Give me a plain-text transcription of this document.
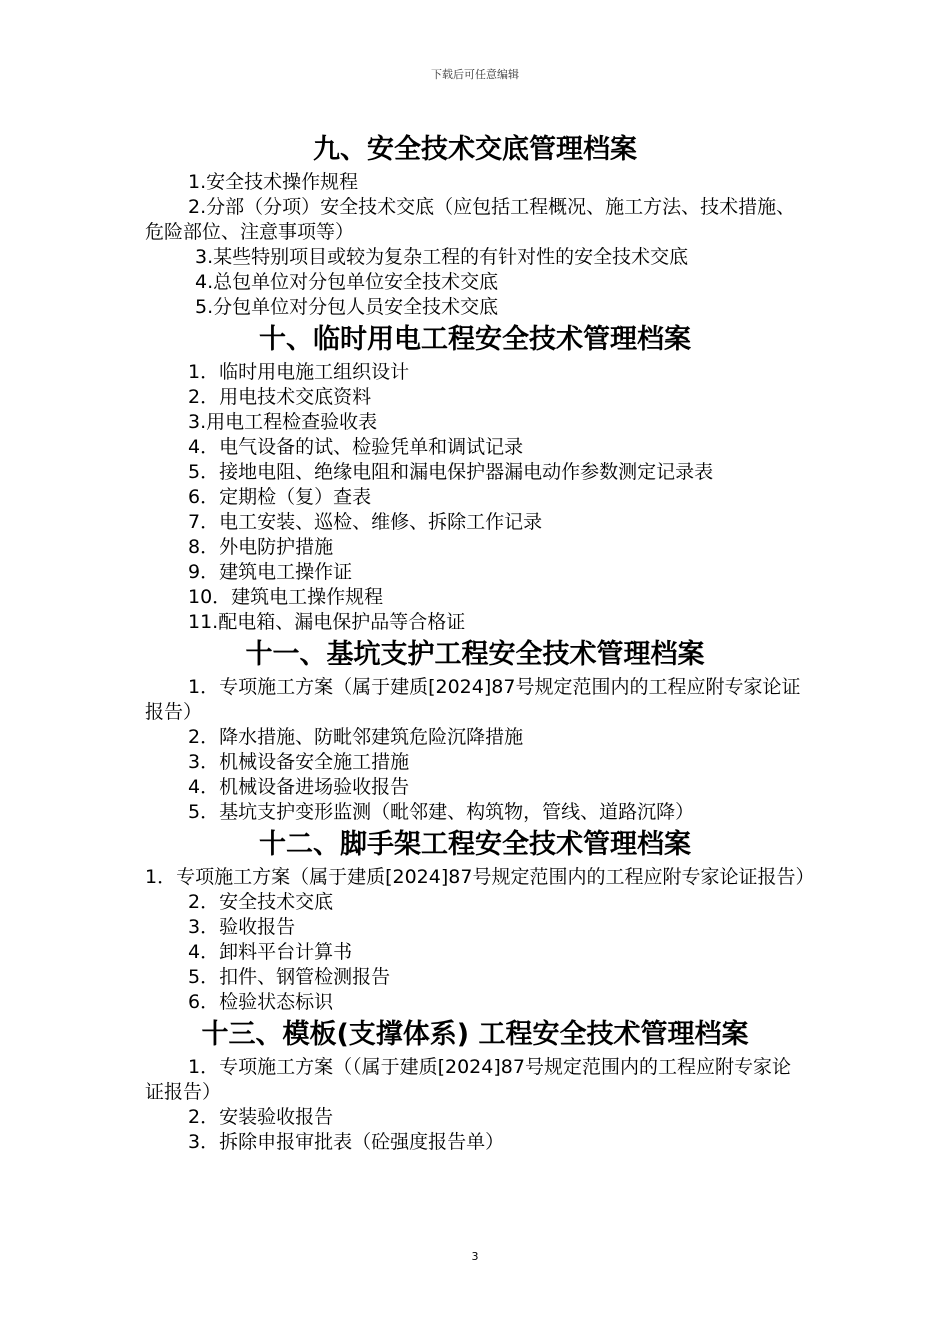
下载后可任意编辑
九、安全技术交底管理档案

1.安全技术操作规程

2.分部（分项）安全技术交底（应包括工程概况、施工方法、技术措施、危险部位、注意事项等）

3.某些特别项目或较为复杂工程的有针对性的安全技术交底

4.总包单位对分包单位安全技术交底

5.分包单位对分包人员安全技术交底

十、临时用电工程安全技术管理档案

1．临时用电施工组织设计

2．用电技术交底资料

3.用电工程检查验收表

4．电气设备的试、检验凭单和调试记录

5．接地电阻、绝缘电阻和漏电保护器漏电动作参数测定记录表

6．定期检（复）查表

7．电工安装、巡检、维修、拆除工作记录

8．外电防护措施

9．建筑电工操作证

10．建筑电工操作规程

11.配电箱、漏电保护品等合格证

十一、基坑支护工程安全技术管理档案

1．专项施工方案（属于建质[2024]87号规定范围内的工程应附专家论证报告）

2．降水措施、防毗邻建筑危险沉降措施

3．机械设备安全施工措施

4．机械设备进场验收报告

5．基坑支护变形监测（毗邻建、构筑物，管线、道路沉降）

十二、脚手架工程安全技术管理档案

1．专项施工方案（属于建质[2024]87号规定范围内的工程应附专家论证报告）

2．安全技术交底

3．验收报告

4．卸料平台计算书

5．扣件、钢管检测报告

6．检验状态标识

十三、模板(支撑体系) 工程安全技术管理档案

1．专项施工方案（（属于建质[2024]87号规定范围内的工程应附专家论证报告）

2．安装验收报告

3．拆除申报审批表（砼强度报告单）

3
